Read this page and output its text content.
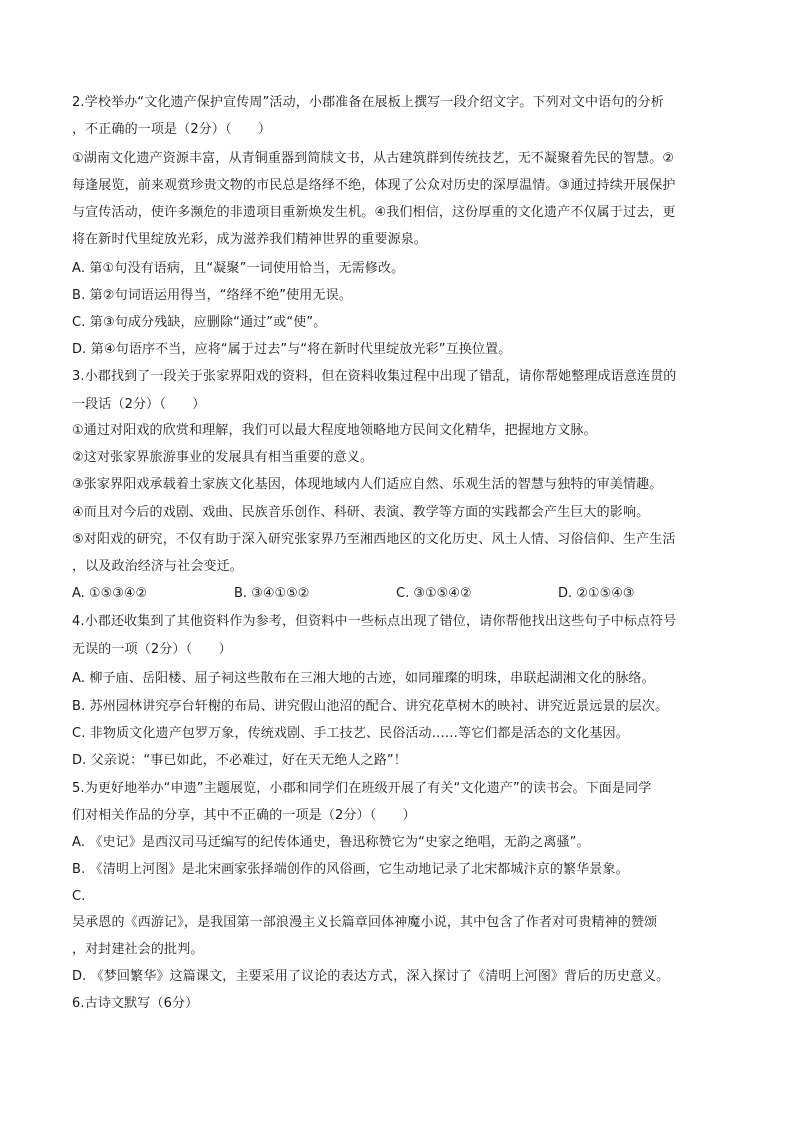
2.学校举办“文化遗产保护宣传周”活动，小郡准备在展板上撰写一段介绍文字。下列对文中语句的分析
，不正确的一项是（2分）（　　）
①湖南文化遗产资源丰富，从青铜重器到简牍文书，从古建筑群到传统技艺，无不凝聚着先民的智慧。②
每逢展览，前来观赏珍贵文物的市民总是络绎不绝，体现了公众对历史的深厚温情。③通过持续开展保护
与宣传活动，使许多濒危的非遗项目重新焕发生机。④我们相信，这份厚重的文化遗产不仅属于过去，更
将在新时代里绽放光彩，成为滋养我们精神世界的重要源泉。
A. 第①句没有语病，且“凝聚”一词使用恰当，无需修改。
B. 第②句词语运用得当，“络绎不绝”使用无误。
C. 第③句成分残缺，应删除“通过”或“使”。
D. 第④句语序不当，应将“属于过去”与“将在新时代里绽放光彩”互换位置。
3.小郡找到了一段关于张家界阳戏的资料，但在资料收集过程中出现了错乱，请你帮她整理成语意连贯的
一段话（2分）（　　）
①通过对阳戏的欣赏和理解，我们可以最大程度地领略地方民间文化精华，把握地方文脉。
②这对张家界旅游事业的发展具有相当重要的意义。
③张家界阳戏承载着土家族文化基因，体现地域内人们适应自然、乐观生活的智慧与独特的审美情趣。
④而且对今后的戏剧、戏曲、民族音乐创作、科研、表演、教学等方面的实践都会产生巨大的影响。
⑤对阳戏的研究，不仅有助于深入研究张家界乃至湘西地区的文化历史、风土人情、习俗信仰、生产生活
，以及政治经济与社会变迁。
A. ①⑤③④②	B. ③④①⑤②	C. ③①⑤④②	D. ②①⑤④③
4.小郡还收集到了其他资料作为参考，但资料中一些标点出现了错位，请你帮他找出这些句子中标点符号
无误的一项（2分）（　　）
A. 柳子庙、岳阳楼、屈子祠这些散布在三湘大地的古迹，如同璀璨的明珠，串联起湖湘文化的脉络。
B. 苏州园林讲究亭台轩榭的布局、讲究假山池沼的配合、讲究花草树木的映衬、讲究近景远景的层次。
C. 非物质文化遗产包罗万象，传统戏剧、手工技艺、民俗活动……等它们都是活态的文化基因。
D. 父亲说：“事已如此，不必难过，好在天无绝人之路”！
5.为更好地举办“申遗”主题展览，小郡和同学们在班级开展了有关“文化遗产”的读书会。下面是同学
们对相关作品的分享，其中不正确的一项是（2分）（　　）
A. 《史记》是西汉司马迁编写的纪传体通史，鲁迅称赞它为“史家之绝唱，无韵之离骚”。
B. 《清明上河图》是北宋画家张择端创作的风俗画，它生动地记录了北宋都城汴京的繁华景象。
C.
吴承恩的《西游记》，是我国第一部浪漫主义长篇章回体神魔小说，其中包含了作者对可贵精神的赞颂
，对封建社会的批判。
D. 《梦回繁华》这篇课文，主要采用了议论的表达方式，深入探讨了《清明上河图》背后的历史意义。
6.古诗文默写（6分）
